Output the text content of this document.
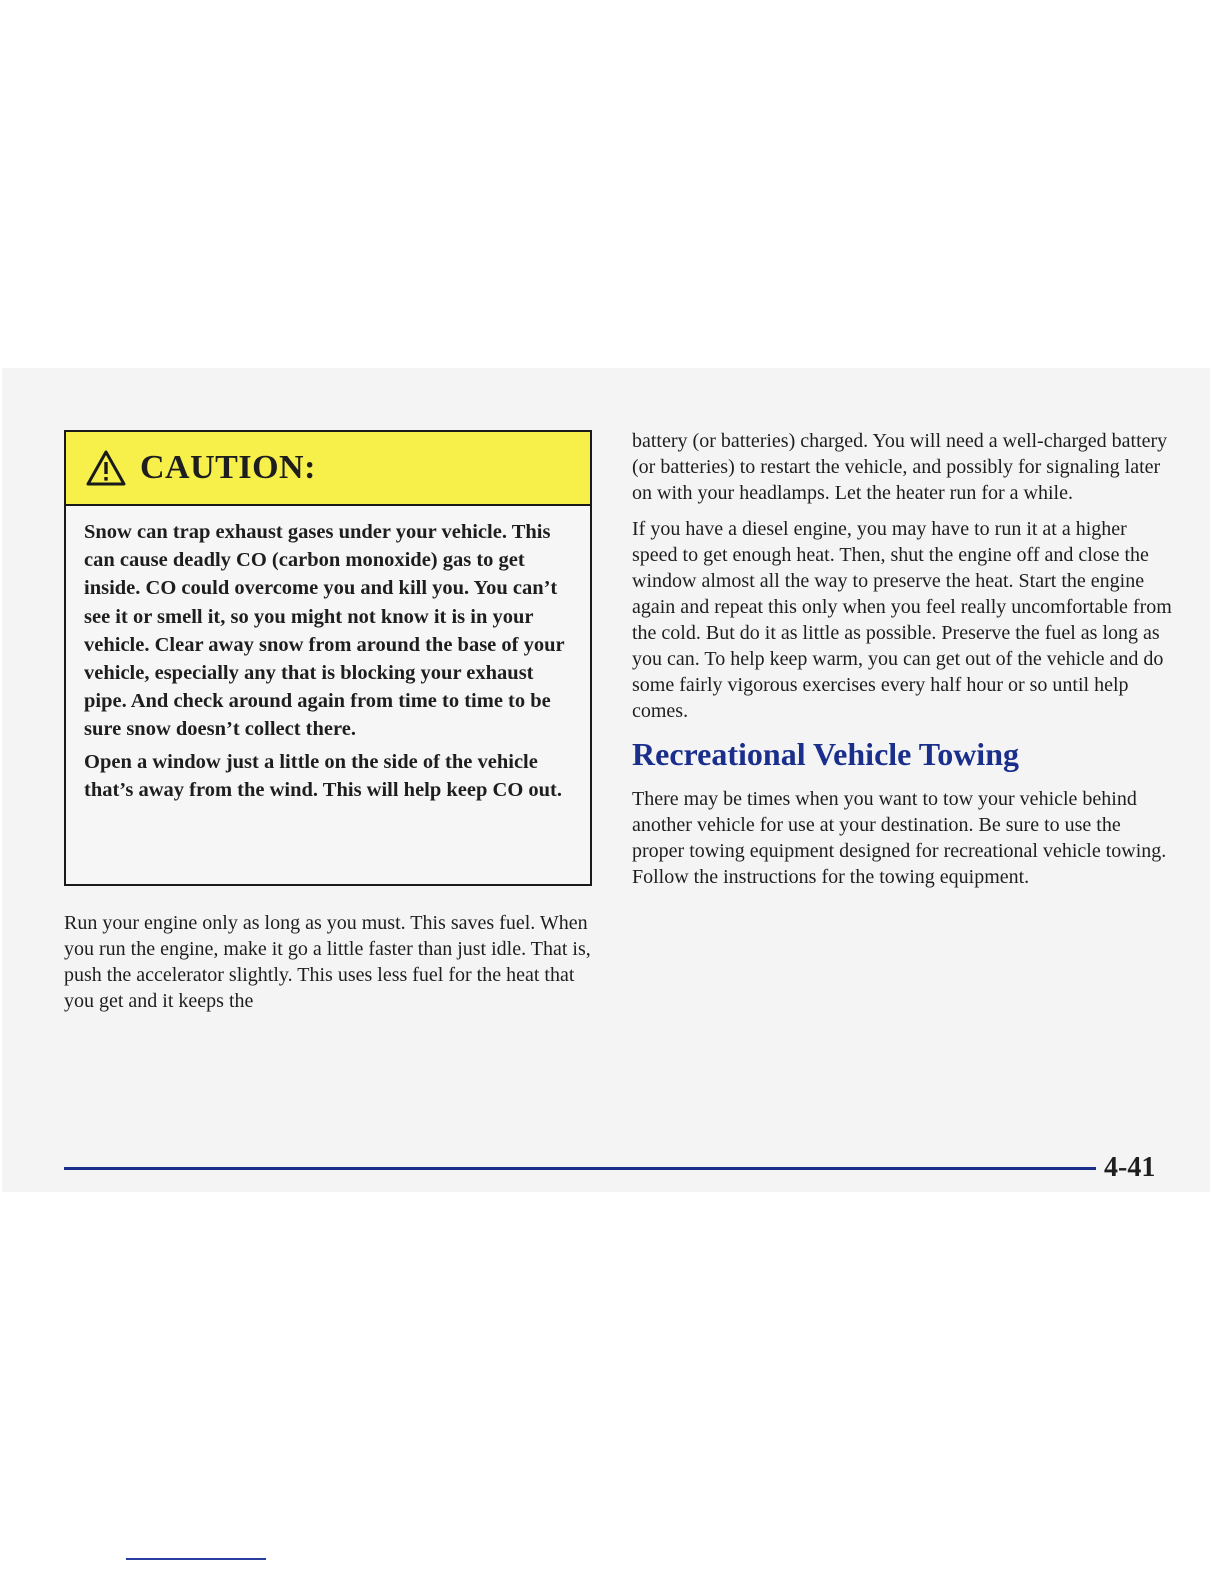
CAUTION:

Snow can trap exhaust gases under your vehicle. This can cause deadly CO (carbon monoxide) gas to get inside. CO could overcome you and kill you. You can’t see it or smell it, so you might not know it is in your vehicle. Clear away snow from around the base of your vehicle, especially any that is blocking your exhaust pipe. And check around again from time to time to be sure snow doesn’t collect there.

Open a window just a little on the side of the vehicle that’s away from the wind. This will help keep CO out.

Run your engine only as long as you must. This saves fuel. When you run the engine, make it go a little faster than just idle. That is, push the accelerator slightly. This uses less fuel for the heat that you get and it keeps the

battery (or batteries) charged. You will need a well-charged battery (or batteries) to restart the vehicle, and possibly for signaling later on with your headlamps. Let the heater run for a while.

If you have a diesel engine, you may have to run it at a higher speed to get enough heat. Then, shut the engine off and close the window almost all the way to preserve the heat. Start the engine again and repeat this only when you feel really uncomfortable from the cold. But do it as little as possible. Preserve the fuel as long as you can. To help keep warm, you can get out of the vehicle and do some fairly vigorous exercises every half hour or so until help comes.

Recreational Vehicle Towing

There may be times when you want to tow your vehicle behind another vehicle for use at your destination. Be sure to use the proper towing equipment designed for recreational vehicle towing. Follow the instructions for the towing equipment.

4-41
